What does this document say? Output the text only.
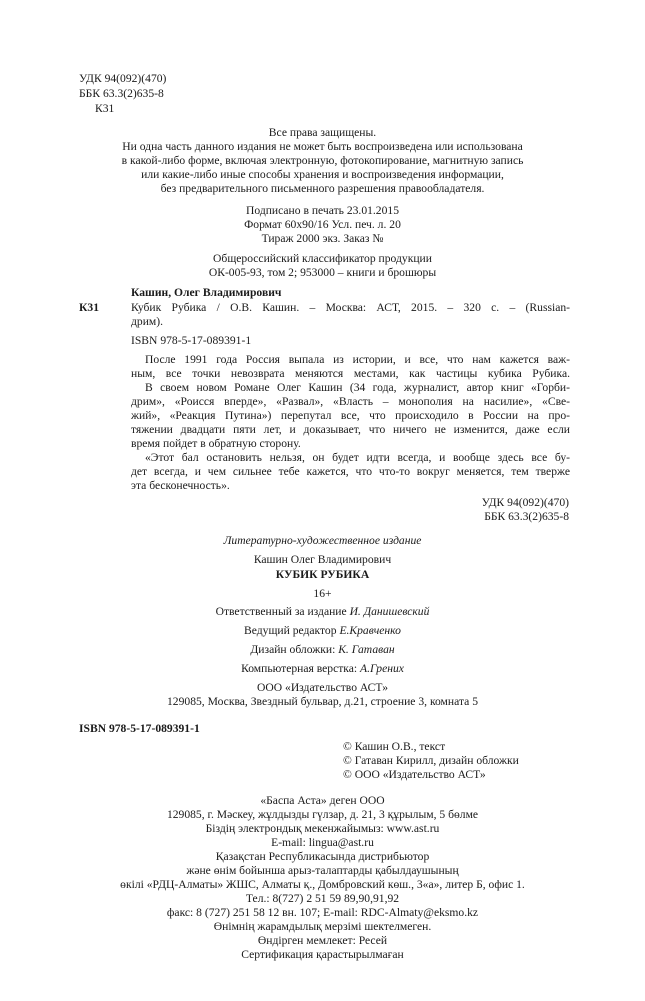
УДК 94(092)(470)
ББК 63.3(2)635-8
К31
Все права защищены.
Ни одна часть данного издания не может быть воспроизведена или использована
в какой-либо форме, включая электронную, фотокопирование, магнитную запись
или какие-либо иные способы хранения и воспроизведения информации,
без предварительного письменного разрешения правообладателя.
Подписано в печать 23.01.2015
Формат 60х90/16 Усл. печ. л. 20
Тираж 2000 экз. Заказ №
Общероссийский классификатор продукции
ОК-005-93, том 2; 953000 – книги и брошюры
Кашин, Олег Владимирович
К31	Кубик Рубика / О.В. Кашин. – Москва: АСТ, 2015. – 320 с. – (Russian-
дрим).
ISBN 978-5-17-089391-1
После 1991 года Россия выпала из истории, и все, что нам кажется важ-
ным, все точки невозврата меняются местами, как частицы кубика Рубика.
В своем новом Романе Олег Кашин (34 года, журналист, автор книг «Горби-
дрим», «Роисся вперде», «Развал», «Власть – монополия на насилие», «Све-
жий», «Реакция Путина») перепутал все, что происходило в России на про-
тяжении двадцати пяти лет, и доказывает, что ничего не изменится, даже если
время пойдет в обратную сторону.
«Этот бал остановить нельзя, он будет идти всегда, и вообще здесь все бу-
дет всегда, и чем сильнее тебе кажется, что что-то вокруг меняется, тем тверже
эта бесконечность».
УДК 94(092)(470)
ББК 63.3(2)635-8
Литературно-художественное издание
Кашин Олег Владимирович
КУБИК РУБИКА
16+
Ответственный за издание И. Данишевский
Ведущий редактор Е.Кравченко
Дизайн обложки: К. Гатаван
Компьютерная верстка: А.Грених
ООО «Издательство АСТ»
129085, Москва, Звездный бульвар, д.21, строение 3, комната 5
ISBN 978-5-17-089391-1
© Кашин О.В., текст
© Гатаван Кирилл, дизайн обложки
© ООО «Издательство АСТ»
«Баспа Аста» деген ООО
129085, г. Мәскеу, жұлдызды гүлзар, д. 21, 3 құрылым, 5 бөлме
Біздің электрондық мекенжайымыз: www.ast.ru
E-mail: lingua@ast.ru
Қазақстан Республикасында дистрибьютор
және өнім бойынша арыз-талаптарды қабылдаушының
өкілі «РДЦ-Алматы» ЖШС, Алматы қ., Домбровский көш., 3«а», литер Б, офис 1.
Тел.: 8(727) 2 51 59 89,90,91,92
факс: 8 (727) 251 58 12 вн. 107; E-mail: RDC-Almaty@eksmo.kz
Өнімнің жарамдылық мерзімі шектелмеген.
Өндірген мемлекет: Ресей
Сертификация қарастырылмаған
